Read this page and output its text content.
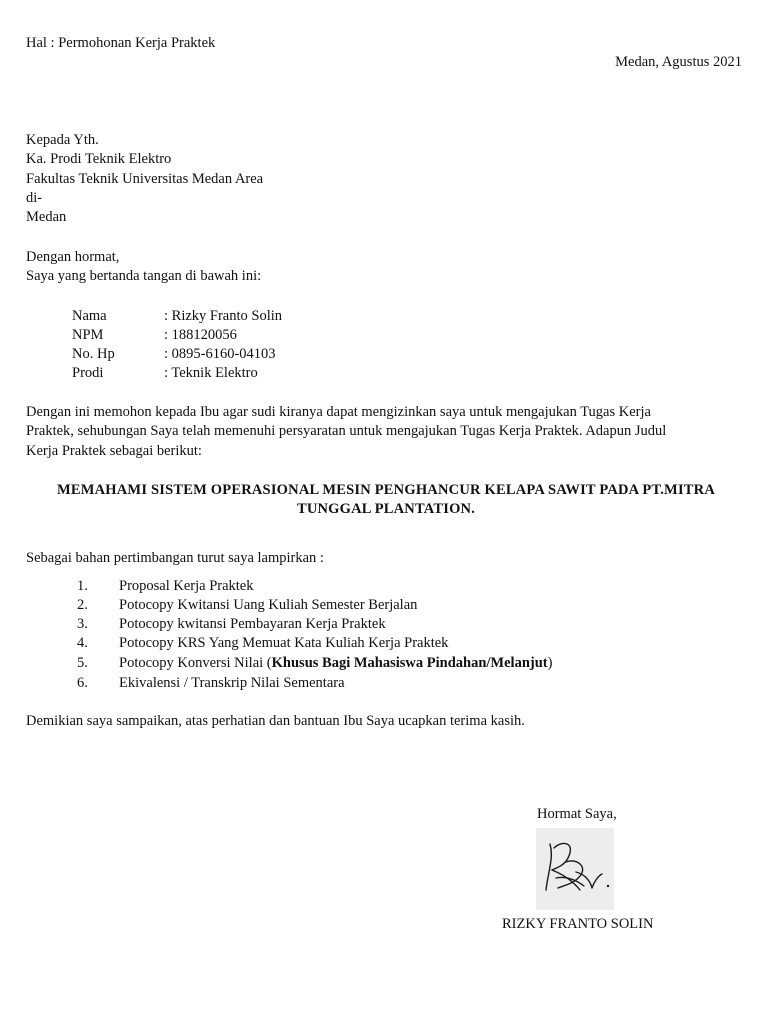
Hal : Permohonan Kerja Praktek
Medan, Agustus 2021
Kepada Yth.
Ka. Prodi Teknik Elektro
Fakultas Teknik Universitas Medan Area
di-
Medan
Dengan hormat,
Saya yang bertanda tangan di bawah ini:
Nama	: Rizky Franto Solin
NPM	: 188120056
No. Hp	: 0895-6160-04103
Prodi	: Teknik Elektro
Dengan ini memohon kepada Ibu agar sudi kiranya dapat mengizinkan saya untuk mengajukan Tugas Kerja
Praktek, sehubungan Saya telah memenuhi persyaratan untuk mengajukan Tugas Kerja Praktek. Adapun Judul
Kerja Praktek sebagai berikut:
MEMAHAMI SISTEM OPERASIONAL MESIN PENGHANCUR KELAPA SAWIT PADA PT.MITRA
TUNGGAL PLANTATION.
Sebagai bahan pertimbangan turut saya lampirkan :
1. Proposal Kerja Praktek
2. Potocopy Kwitansi Uang Kuliah Semester Berjalan
3. Potocopy kwitansi Pembayaran Kerja Praktek
4. Potocopy KRS Yang Memuat Kata Kuliah Kerja Praktek
5. Potocopy Konversi Nilai (Khusus Bagi Mahasiswa Pindahan/Melanjut)
6. Ekivalensi / Transkrip Nilai Sementara
Demikian saya sampaikan, atas perhatian dan bantuan Ibu Saya ucapkan terima kasih.
Hormat Saya,
RIZKY FRANTO SOLIN
